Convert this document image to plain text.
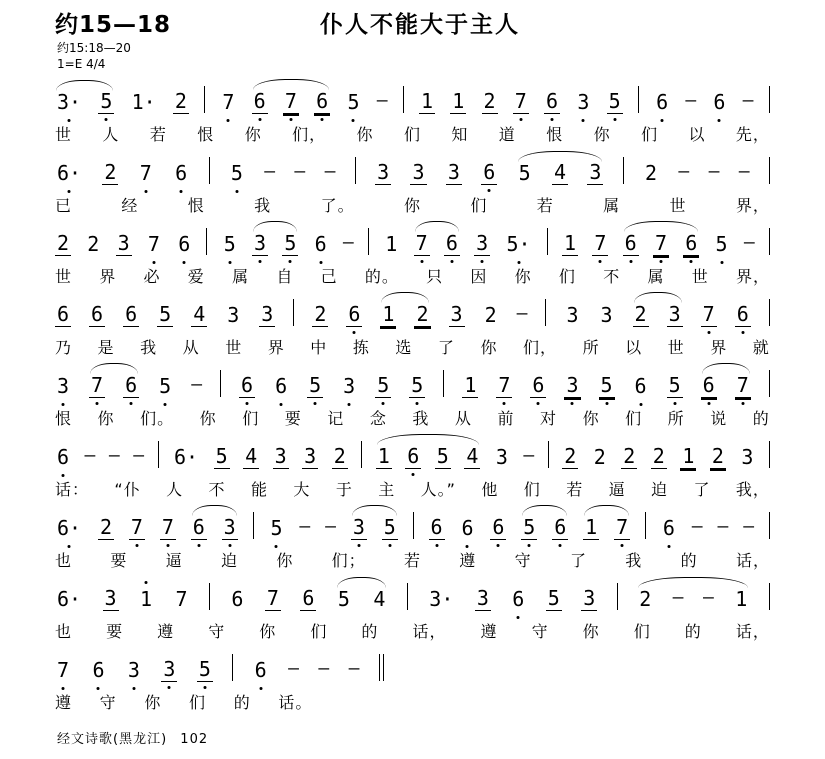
约15—18	仆人不能大于主人
约15:18—20
1=E 4/4
3· 5 1· 2 7 6 7 6 5 — 1 1 2 7 6 3 5 6 — 6 —
世 人 若 恨 你 们， 你 们 知 道 恨 你 们 以 先，
6· 2 7 6 5 — — — 3 3 3 6 5 4 3 2 — — —
已	经	恨	我	了。	你	们	若	属	世	界，
2 2 3 7 6 5 3 5 6 — 1 7 6 3 5· 1 7 6 7 6 5 —
世 界 必 爱 属 自 己 的。 只 因 你 们 不 属 世 界，
6 6 6 5 4 3 3 2 6 1 2 3 2 — 3 3 2 3 7 6
乃 是 我 从 世 界 中 拣 选 了 你 们， 所 以 世 界 就
3 7 6 5 — 6 6 5 3 5 5 1 7 6 3 5 6 5 6 7
恨 你 们。 你 们 要 记 念 我 从 前 对 你 们 所 说 的
6 — — — 6· 5 4 3 3 2 1 6 5 4 3 — 2 2 2 2 1 2 3
话： “仆 人 不 能 大 于 主 人。” 他 们 若 逼 迫 了 我，
6· 2 7 7 6 3 5 — — 3 5 6 6 6 5 6 1 7 6 — — —
也 要 逼 迫 你 们； 若 遵 守 了 我 的 话，
6· 3 1 7 6 7 6 5 4 3· 3 6 5 3 2 — — 1
也 要 遵 守 你 们 的 话， 遵 守 你 们 的 话，
7 6 3 3 5 6 — — —
遵 守 你 们 的 话。
经文诗歌(黑龙江) 102
